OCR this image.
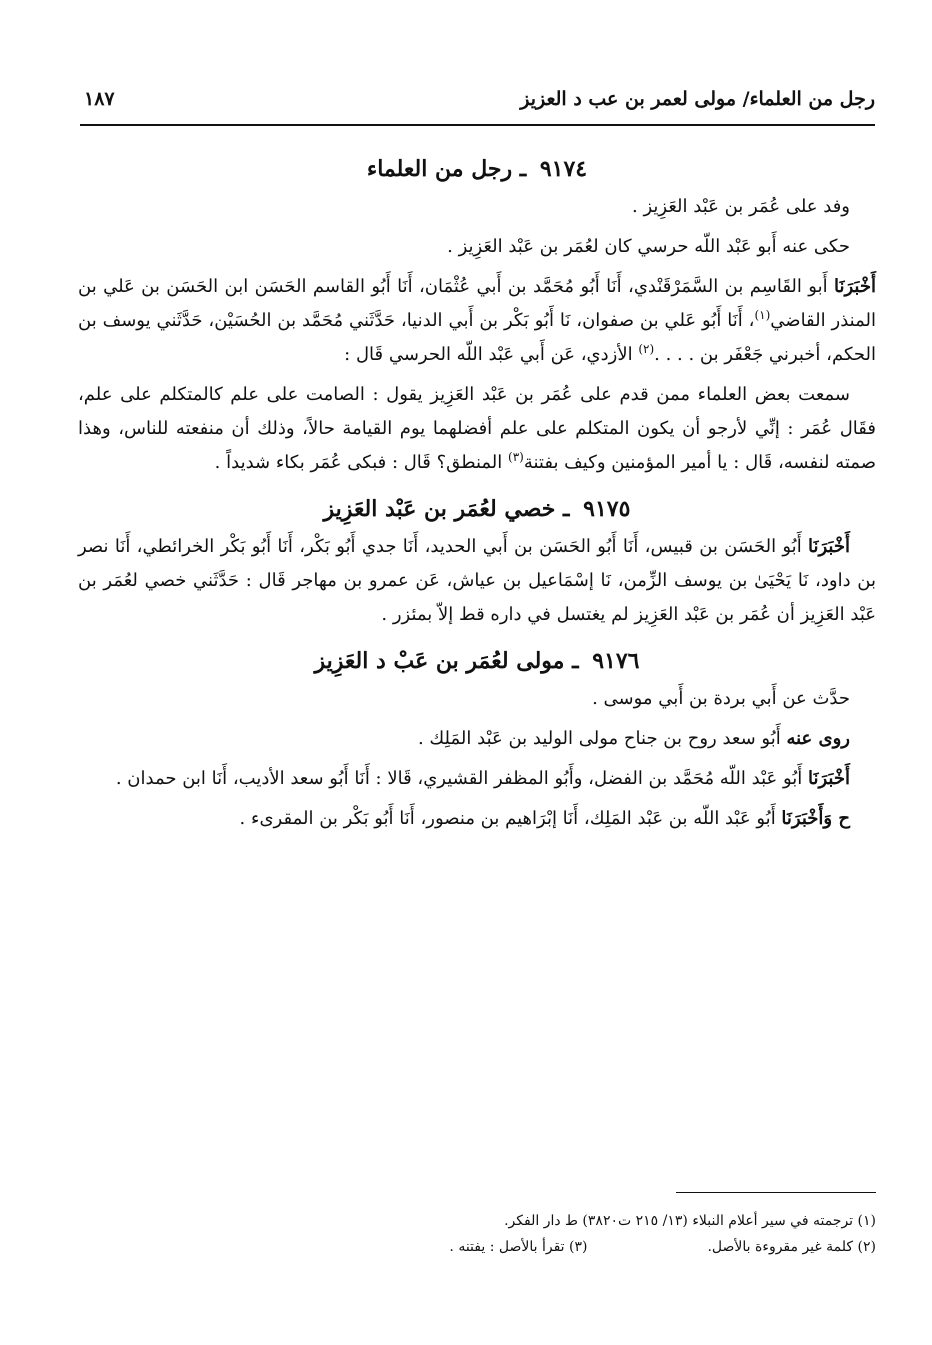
رجل من العلماء/ مولى لعمر بن عب د العزيز
١٨٧
٩١٧٤ ـ رجل من العلماء

وفد على عُمَر بن عَبْد العَزِيز .

حكى عنه أَبو عَبْد اللّه حرسي كان لعُمَر بن عَبْد العَزِيز .

أَخْبَرَنَا أَبو القَاسِم بن السَّمَرْقَنْدي، أَنَا أَبُو مُحَمَّد بن أَبي عُثْمَان، أَنَا أَبُو القاسم الحَسَن ابن الحَسَن بن عَلي بن المنذر القاضي$^{(١)}$، أَنَا أَبُو عَلي بن صفوان، نَا أَبُو بَكْر بن أَبي الدنيا، حَدَّثَني مُحَمَّد بن الحُسَيْن، حَدَّثَني يوسف بن الحكم، أخبرني جَعْفَر بن . . . .$^{(٢)}$ الأزدي، عَن أَبي عَبْد اللّه الحرسي قَال :

سمعت بعض العلماء ممن قدم على عُمَر بن عَبْد العَزِيز يقول : الصامت على علم كالمتكلم على علم، فقَال عُمَر : إنِّي لأرجو أن يكون المتكلم على علم أفضلهما يوم القيامة حالاً، وذلك أن منفعته للناس، وهذا صمته لنفسه، قَال : يا أمير المؤمنين وكيف بفتنة$^{(٣)}$ المنطق؟ قَال : فبكى عُمَر بكاء شديداً .

٩١٧٥ ـ خصي لعُمَر بن عَبْد العَزِيز

أَخْبَرَنَا أَبُو الحَسَن بن قبيس، أَنَا أَبُو الحَسَن بن أَبي الحديد، أَنَا جدي أَبُو بَكْر، أَنَا أَبُو بَكْر الخرائطي، أَنَا نصر بن داود، نَا يَحْيَىٰ بن يوسف الزِّمن، نَا إسْمَاعيل بن عياش، عَن عمرو بن مهاجر قَال : حَدَّثَني خصي لعُمَر بن عَبْد العَزِيز أن عُمَر بن عَبْد العَزِيز لم يغتسل في داره قط إلاّ بمئزر .

٩١٧٦ ـ مولى لعُمَر بن عَبْ د العَزِيز

حدَّث عن أَبي بردة بن أَبي موسى .

روى عنه أَبُو سعد روح بن جناح مولى الوليد بن عَبْد المَلِك .

أَخْبَرَنَا أَبُو عَبْد اللّه مُحَمَّد بن الفضل، وأَبُو المظفر القشيري، قَالا : أَنَا أَبُو سعد الأديب، أَنَا ابن حمدان .

ح وَأَخْبَرَنَا أَبُو عَبْد اللّه بن عَبْد المَلِك، أَنَا إبْرَاهيم بن منصور، أَنَا أَبُو بَكْر بن المقرىء .

(١) ترجمته في سير أعلام النبلاء (١٣/ ٢١٥ ت٣٨٢٠) ط دار الفكر.
(٢) كلمة غير مقروءة بالأصل.
(٣) تقرأ بالأصل : يفتنه .
